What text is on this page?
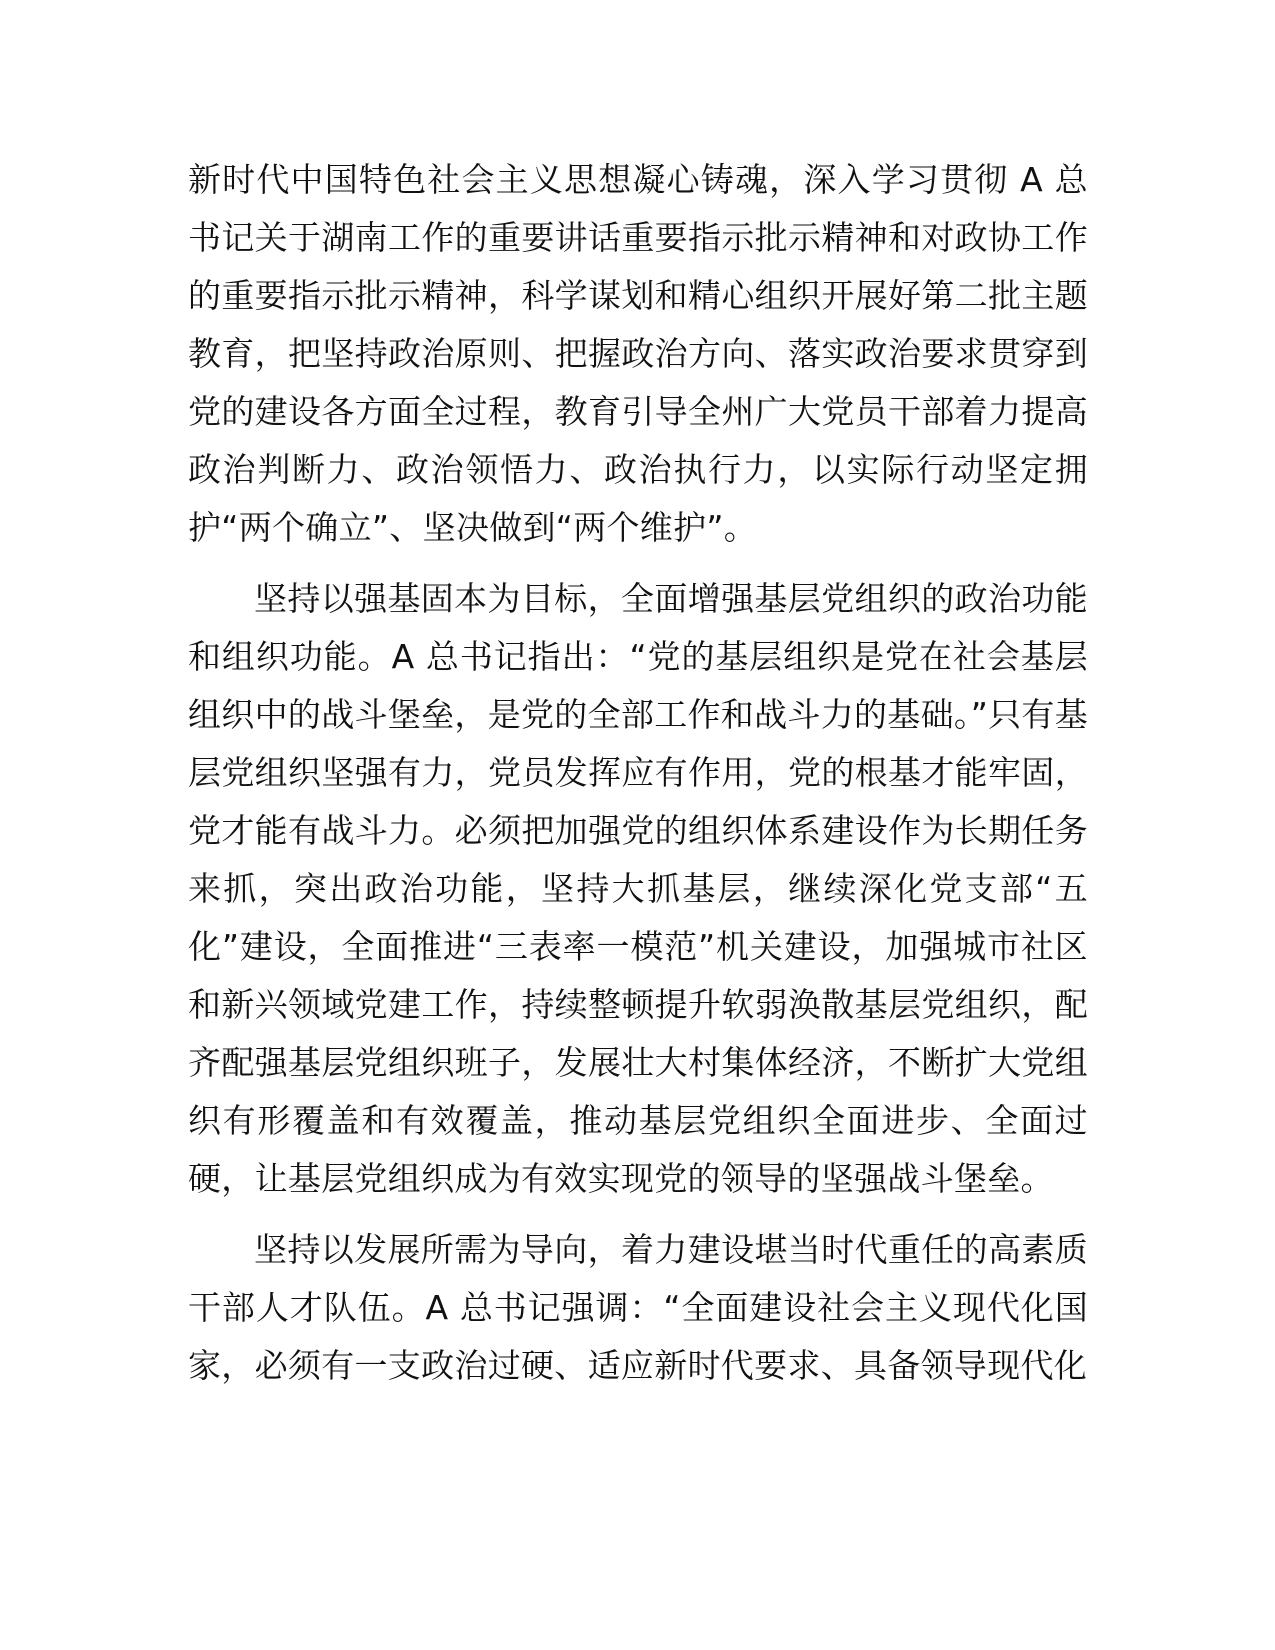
新时代中国特色社会主义思想凝心铸魂，深入学习贯彻 A 总书记关于湖南工作的重要讲话重要指示批示精神和对政协工作的重要指示批示精神，科学谋划和精心组织开展好第二批主题教育，把坚持政治原则、把握政治方向、落实政治要求贯穿到党的建设各方面全过程，教育引导全州广大党员干部着力提高政治判断力、政治领悟力、政治执行力，以实际行动坚定拥护“两个确立”、坚决做到“两个维护”。

坚持以强基固本为目标，全面增强基层党组织的政治功能和组织功能。A 总书记指出：“党的基层组织是党在社会基层组织中的战斗堡垒，是党的全部工作和战斗力的基础。”只有基层党组织坚强有力，党员发挥应有作用，党的根基才能牢固，党才能有战斗力。必须把加强党的组织体系建设作为长期任务来抓，突出政治功能，坚持大抓基层，继续深化党支部“五化”建设，全面推进“三表率一模范”机关建设，加强城市社区和新兴领域党建工作，持续整顿提升软弱涣散基层党组织，配齐配强基层党组织班子，发展壮大村集体经济，不断扩大党组织有形覆盖和有效覆盖，推动基层党组织全面进步、全面过硬，让基层党组织成为有效实现党的领导的坚强战斗堡垒。

坚持以发展所需为导向，着力建设堪当时代重任的高素质干部人才队伍。A 总书记强调：“全面建设社会主义现代化国家，必须有一支政治过硬、适应新时代要求、具备领导现代化
